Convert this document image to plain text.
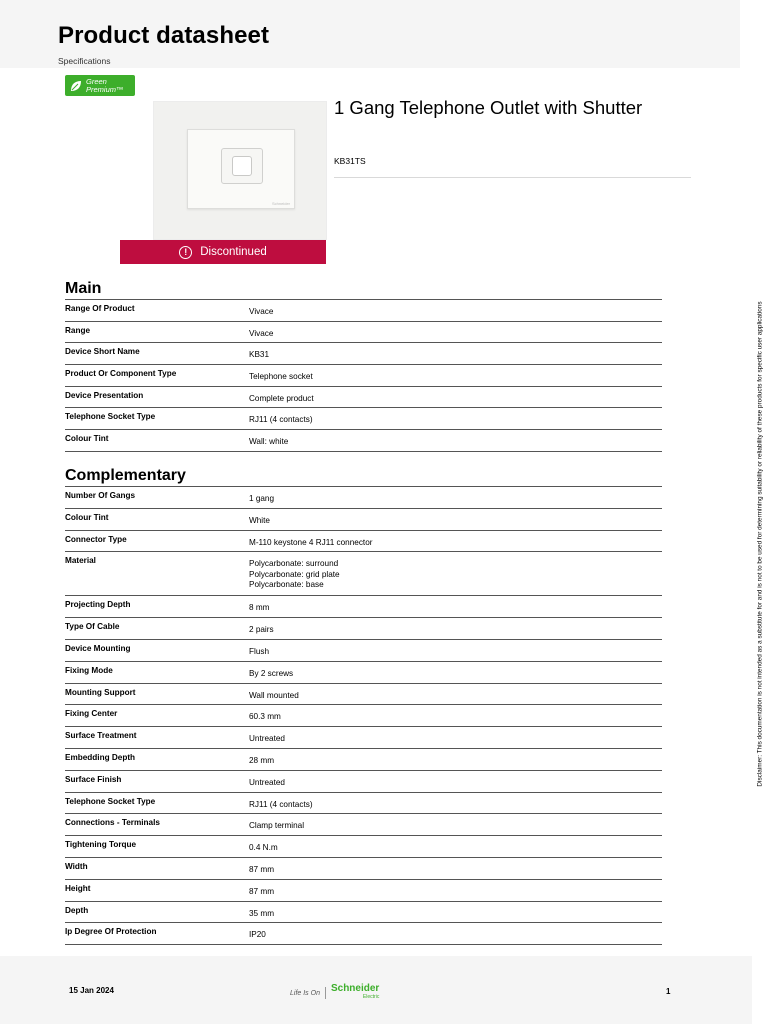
Product datasheet
Specifications
Green
Premium™
Schneider
!	Discontinued
1 Gang Telephone Outlet with Shutter
KB31TS
Main
Range Of Product	Vivace
Range	Vivace
Device Short Name	KB31
Product Or Component Type	Telephone socket
Device Presentation	Complete product
Telephone Socket Type	RJ11 (4 contacts)
Colour Tint	Wall: white
Complementary
Number Of Gangs	1 gang
Colour Tint	White
Connector Type	M-110 keystone 4 RJ11 connector
Material	Polycarbonate: surround
Polycarbonate: grid plate
Polycarbonate: base
Projecting Depth	8 mm
Type Of Cable	2 pairs
Device Mounting	Flush
Fixing Mode	By 2 screws
Mounting Support	Wall mounted
Fixing Center	60.3 mm
Surface Treatment	Untreated
Embedding Depth	28 mm
Surface Finish	Untreated
Telephone Socket Type	RJ11 (4 contacts)
Connections - Terminals	Clamp terminal
Tightening Torque	0.4 N.m
Width	87 mm
Height	87 mm
Depth	35 mm
Ip Degree Of Protection	IP20
Disclaimer: This documentation is not intended as a substitute for and is not to be used for determining suitability or reliability of these products for specific user applications
15 Jan 2024	Life Is On Schneider
Electric
1
